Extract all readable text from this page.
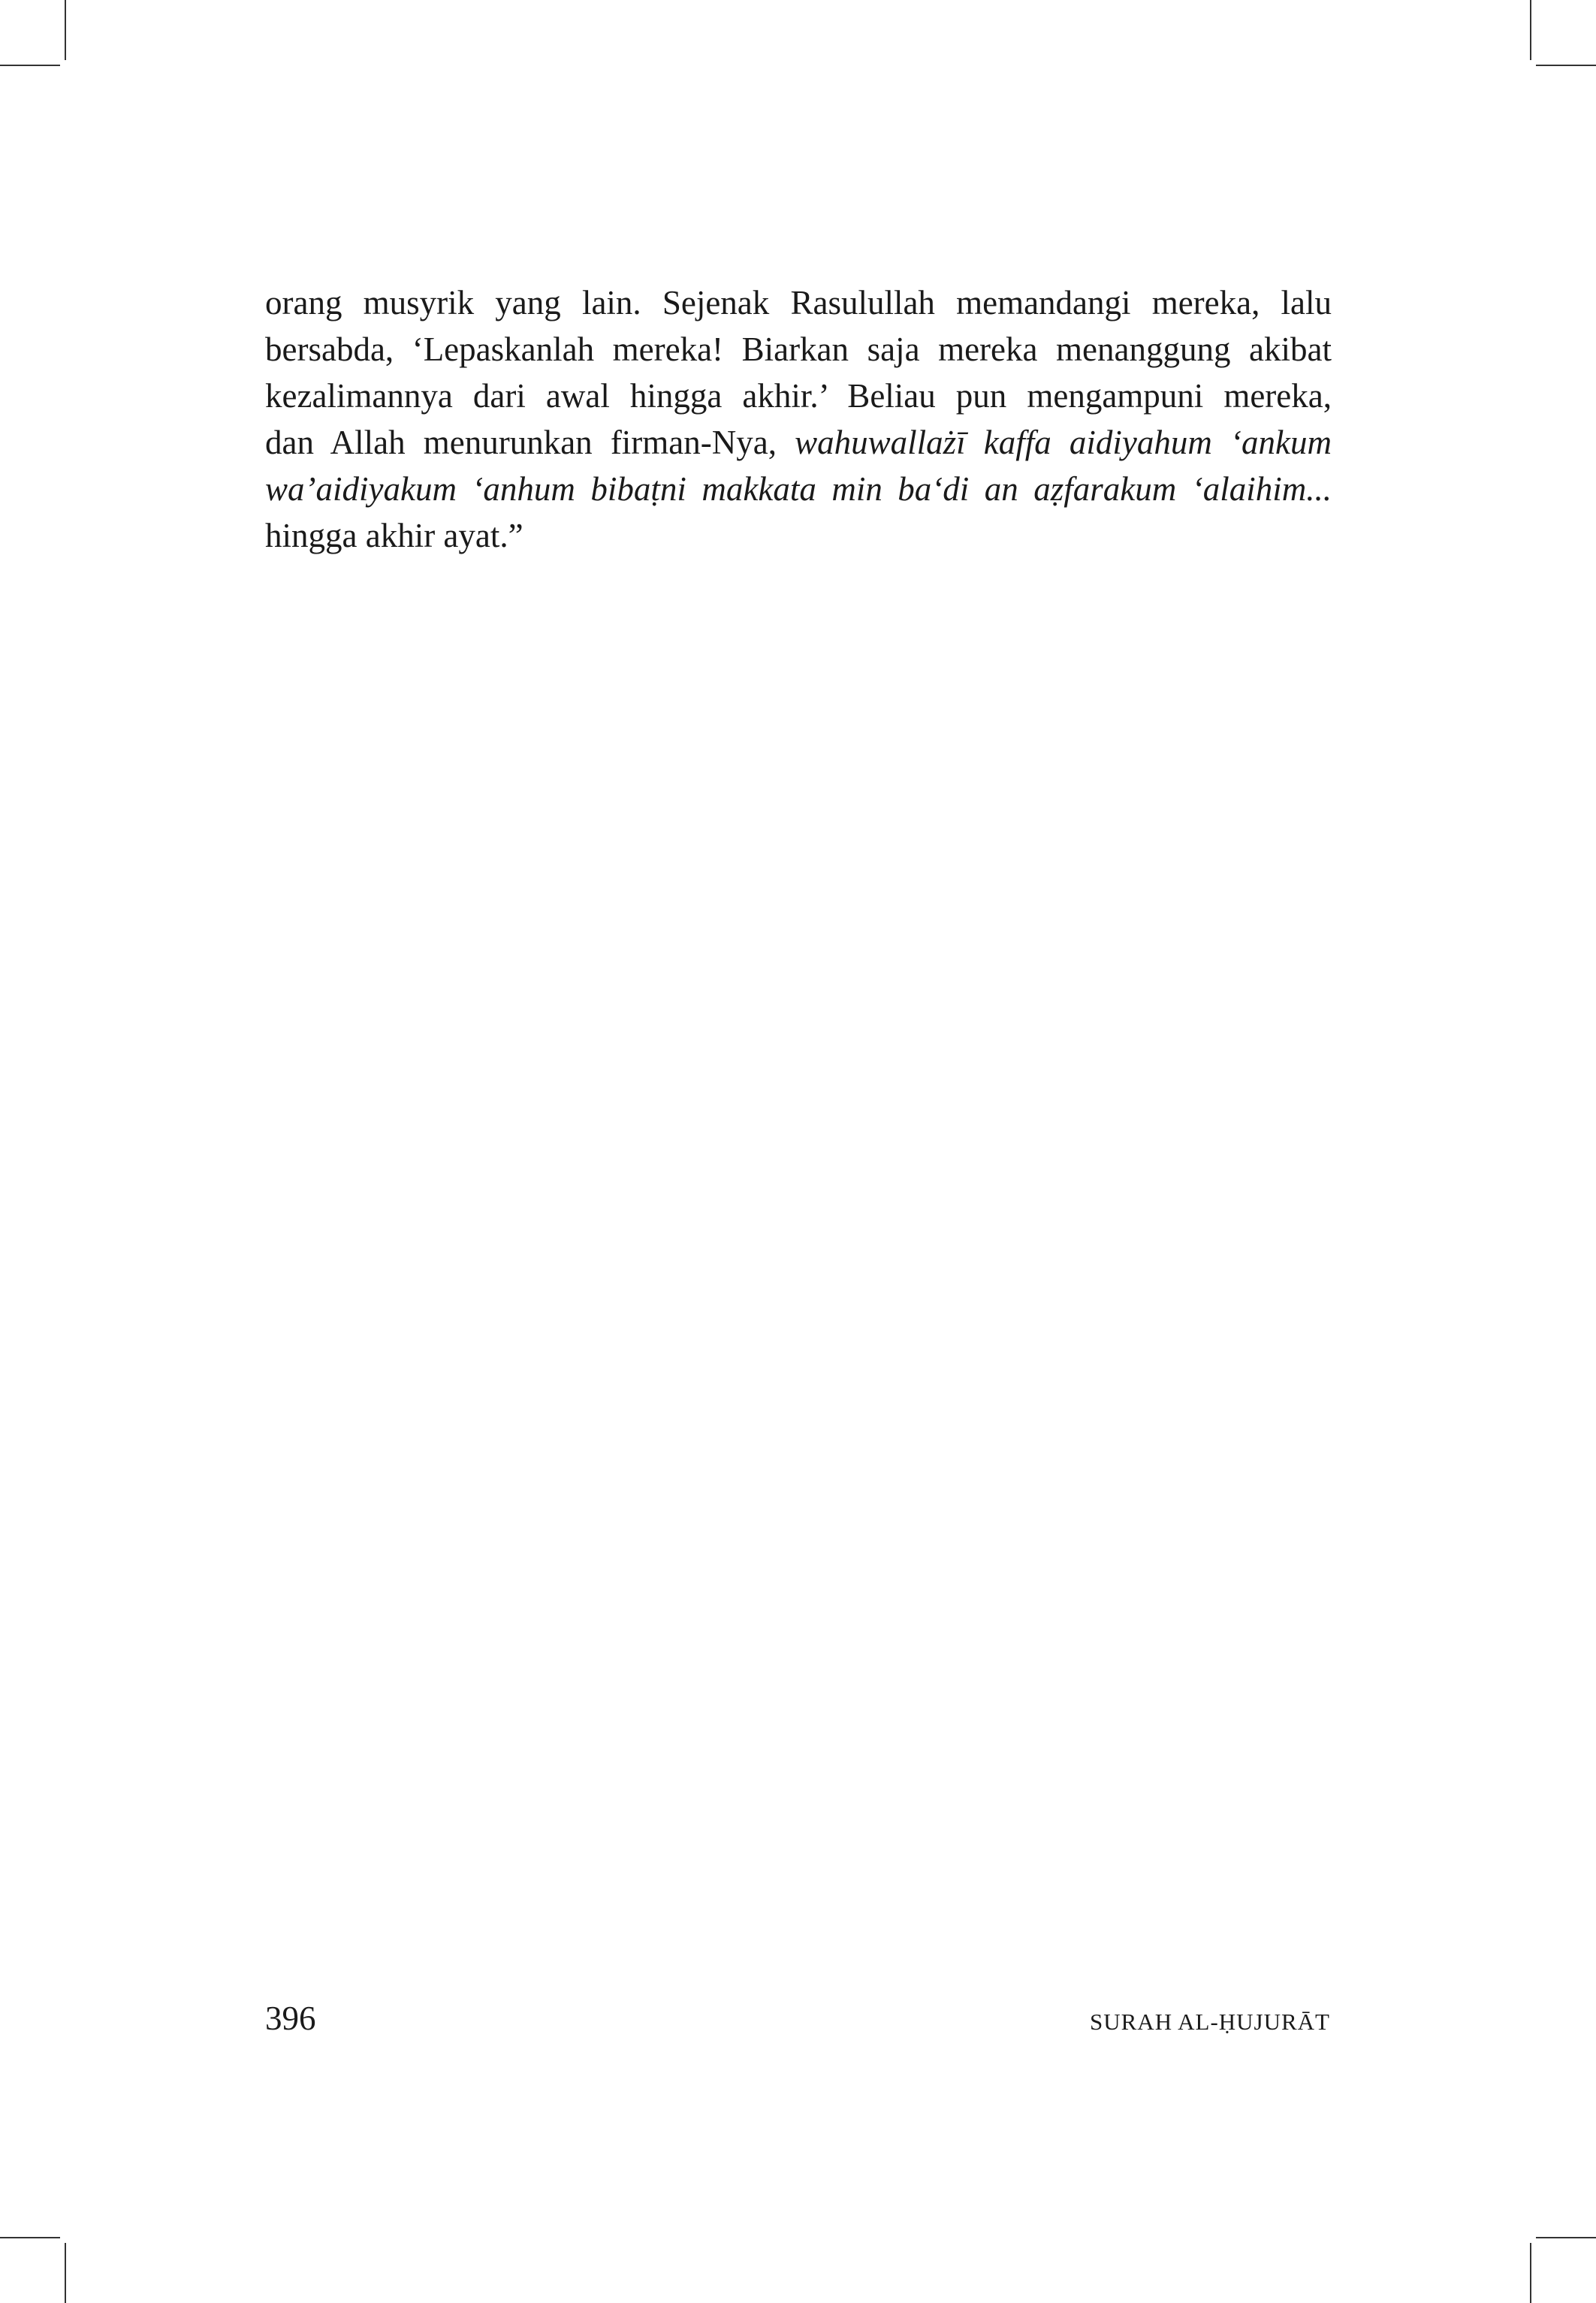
orang musyrik yang lain. Sejenak Rasulullah memandangi mereka, lalu
bersabda, ‘Lepaskanlah mereka! Biarkan saja mereka menanggung akibat
kezalimannya dari awal hingga akhir.’ Beliau pun mengampuni mereka,
dan Allah menurunkan firman-Nya, wahuwallażī kaffa aidiyahum ‘ankum
wa’aidiyakum ‘anhum bibaṭni makkata min ba‘di an aẓfarakum ‘alaihim...
hingga akhir ayat.”
396	SURAH AL-ḤUJURĀT
